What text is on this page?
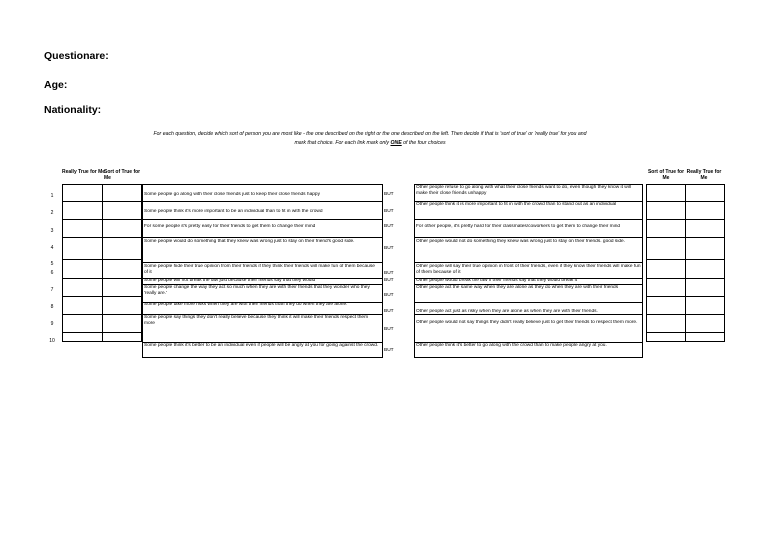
Questionare:
Age:
Nationality:
For each question, decide which sort of person you are most like - the one described on the right or the one described on the left. Then decide if that is 'sort of true' or 'really true' for you and
mark that choice. For each link mark only ONE of the four choices
Really True for Me
Sort of True for Me
Sort of True for Me
Really True for Me
1
2
3
4
5
6
7
8
9
10
Some people go along with their close friends just to keep their close friends happy
Some people think it's more important to be an individual than to fit in with the crowd
For some people it's pretty easy for their friends to get them to change their mind
Some people would do something that they knew was wrong just to stay on their friend's good side.
Some people hide their true opinion from their friends if they think their friends will make fun of them because of it
Some people will not break the law just because their friends say that they would
Some people change the way they act so much when they are with their friends that they wonder who they 'really are.'
Some people take more risks when they are with their friends than they do when they are alone.
Some people say things they don't really believe because they think it will make their friends respect them more
Some people think it's better to be an individual even if people will be angry at you for going against the crowd.
BUT
BUT
BUT
BUT
BUT
BUT
BUT
BUT
BUT
BUT
Other people refuse to go along with what their close friends want to do, even though they know it will make their close friends unhappy
Other people think it is more important to fit in with the crowd than to stand out as an individual
For other people, it's pretty hard for their classmates/coworkers to get them to change their mind
Other people would not do something they knew was wrong just to stay on their friends. good side.
Other people will say their true opinion in front of their friends, even if they know their friends will make fun of them because of it
Other people would break the law if their friends say that they would break it
Other people act the same way when they are alone as they do when they are with their friends
Other people act just as risky when they are alone as when they are with their friends.
Other people would not say things they didn't really believe just to get their friends to respect them more.
Other people think it's better to go along with the crowd than to make people angry at you.
